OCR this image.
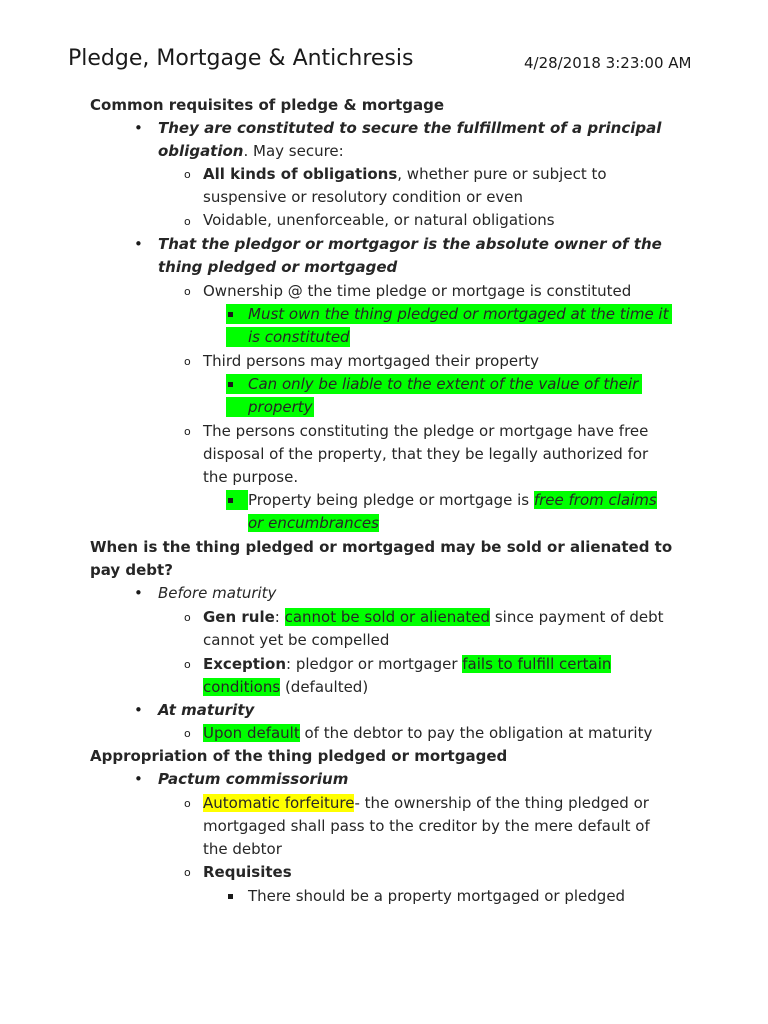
Pledge, Mortgage & Antichresis	4/28/2018 3:23:00 AM
Common requisites of pledge & mortgage
• They are constituted to secure the fulfillment of a principal
obligation. May secure:
o All kinds of obligations, whether pure or subject to
suspensive or resolutory condition or even
o Voidable, unenforceable, or natural obligations
• That the pledgor or mortgagor is the absolute owner of the
thing pledged or mortgaged
o Ownership @ the time pledge or mortgage is constituted
Must own the thing pledged or mortgaged at the time it
is constituted
o Third persons may mortgaged their property
Can only be liable to the extent of the value of their
property
o The persons constituting the pledge or mortgage have free
disposal of the property, that they be legally authorized for
the purpose.
Property being pledge or mortgage is free from claims
or encumbrances
When is the thing pledged or mortgaged may be sold or alienated to
pay debt?
• Before maturity
o Gen rule: cannot be sold or alienated since payment of debt
cannot yet be compelled
o Exception: pledgor or mortgager fails to fulfill certain
conditions (defaulted)
• At maturity
o Upon default of the debtor to pay the obligation at maturity
Appropriation of the thing pledged or mortgaged
• Pactum commissorium
o Automatic forfeiture- the ownership of the thing pledged or
mortgaged shall pass to the creditor by the mere default of
the debtor
o Requisites
There should be a property mortgaged or pledged
